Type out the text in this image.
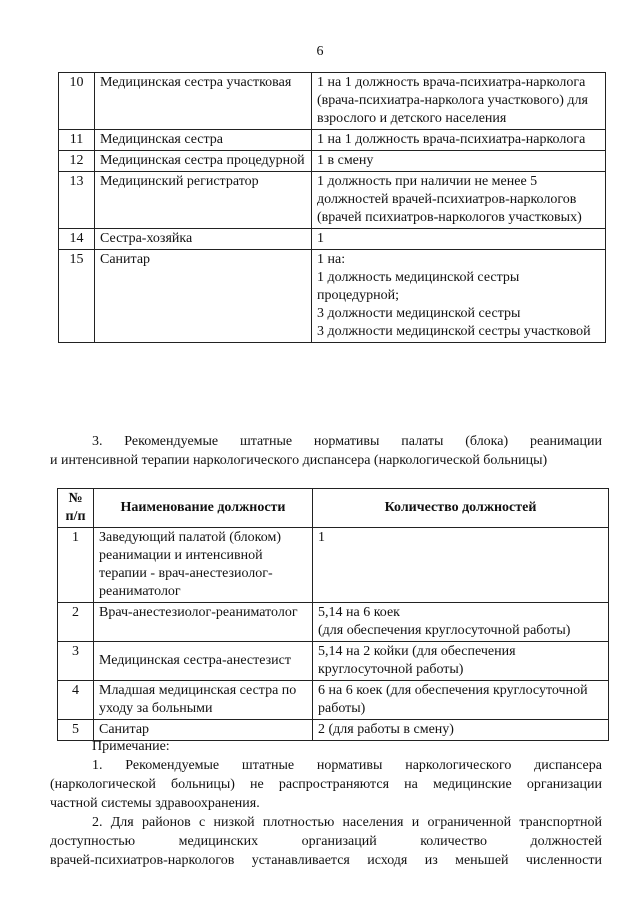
6
10	Медицинская сестра участковая	1 на 1 должность врача-психиатра-нарколога (врача-психиатра-нарколога участкового) для взрослого и детского населения
11	Медицинская сестра	1 на 1 должность врача-психиатра-нарколога
12	Медицинская сестра процедурной	1 в смену
13	Медицинский регистратор	1 должность при наличии не менее 5 должностей врачей-психиатров-наркологов (врачей психиатров-наркологов участковых)
14	Сестра-хозяйка	1
15	Санитар	1 на:
1 должность медицинской сестры процедурной;
3 должности медицинской сестры
3 должности медицинской сестры участковой
3. Рекомендуемые штатные нормативы палаты (блока) реанимации
и интенсивной терапии наркологического диспансера (наркологической больницы)
№ п/п	Наименование должности	Количество должностей
1	Заведующий палатой (блоком) реанимации и интенсивной терапии - врач-анестезиолог-реаниматолог	1
2	Врач-анестезиолог-реаниматолог	5,14 на 6 коек
(для обеспечения круглосуточной работы)
3	Медицинская сестра-анестезист	5,14 на 2 койки (для обеспечения круглосуточной работы)
4	Младшая медицинская сестра по уходу за больными	6 на 6 коек (для обеспечения круглосуточной работы)
5	Санитар	2 (для работы в смену)
Примечание:
1. Рекомендуемые штатные нормативы наркологического диспансера
(наркологической больницы) не распространяются на медицинские организации
частной системы здравоохранения.
2. Для районов с низкой плотностью населения и ограниченной транспортной
доступностью медицинских организаций количество должностей
врачей-психиатров-наркологов устанавливается исходя из меньшей численности
